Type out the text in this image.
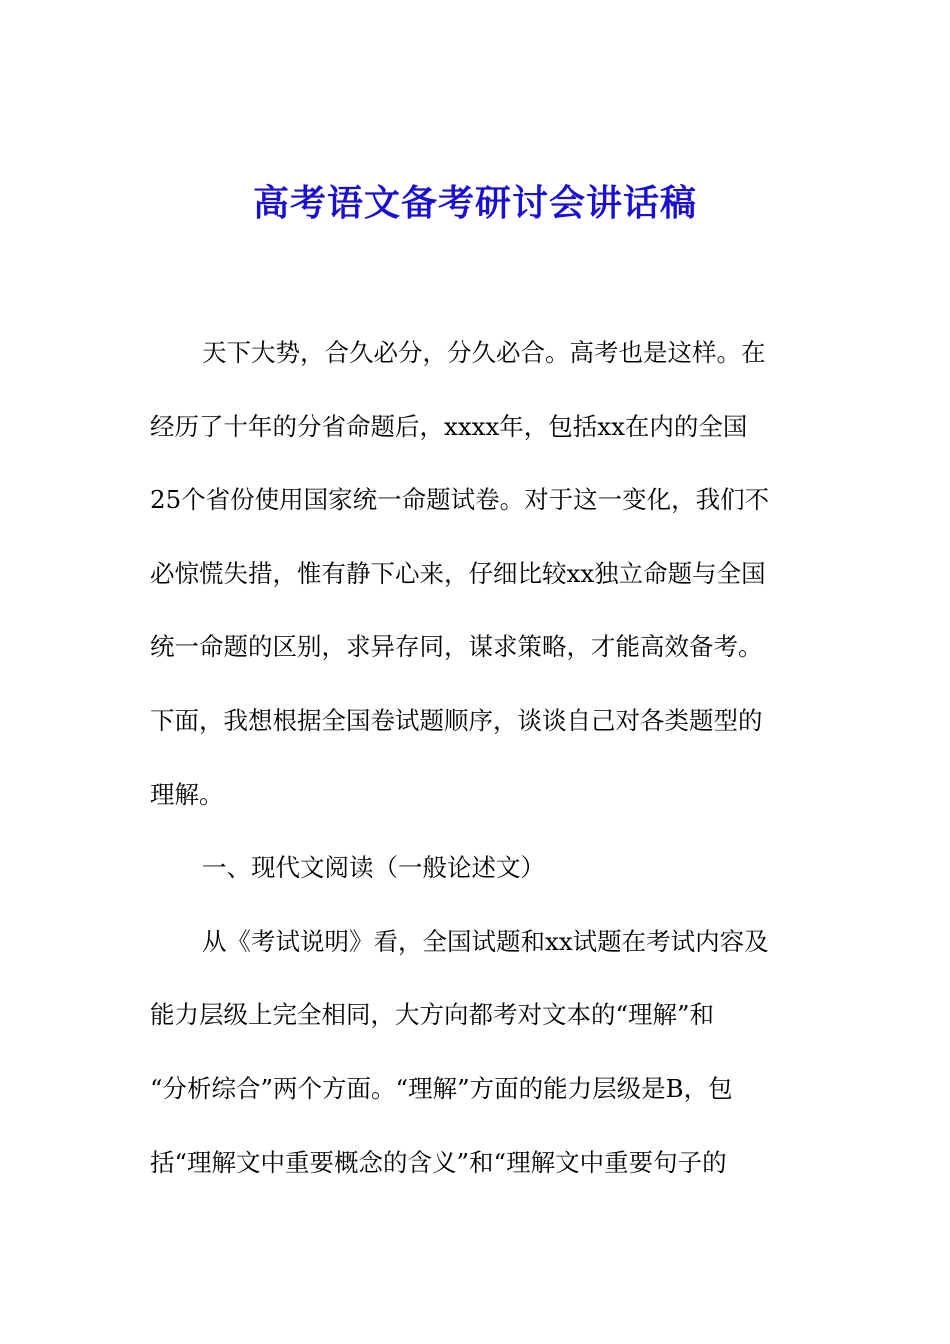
高考语文备考研讨会讲话稿
天下大势，合久必分，分久必合。高考也是这样。在
经历了十年的分省命题后，xxxx年，包括xx在内的全国
25个省份使用国家统一命题试卷。对于这一变化，我们不
必惊慌失措，惟有静下心来，仔细比较xx独立命题与全国
统一命题的区别，求异存同，谋求策略，才能高效备考。
下面，我想根据全国卷试题顺序，谈谈自己对各类题型的
理解。
一、现代文阅读（一般论述文）
从《考试说明》看，全国试题和xx试题在考试内容及
能力层级上完全相同，大方向都考对文本的“理解”和
“分析综合”两个方面。“理解”方面的能力层级是B，包
括“理解文中重要概念的含义”和“理解文中重要句子的
